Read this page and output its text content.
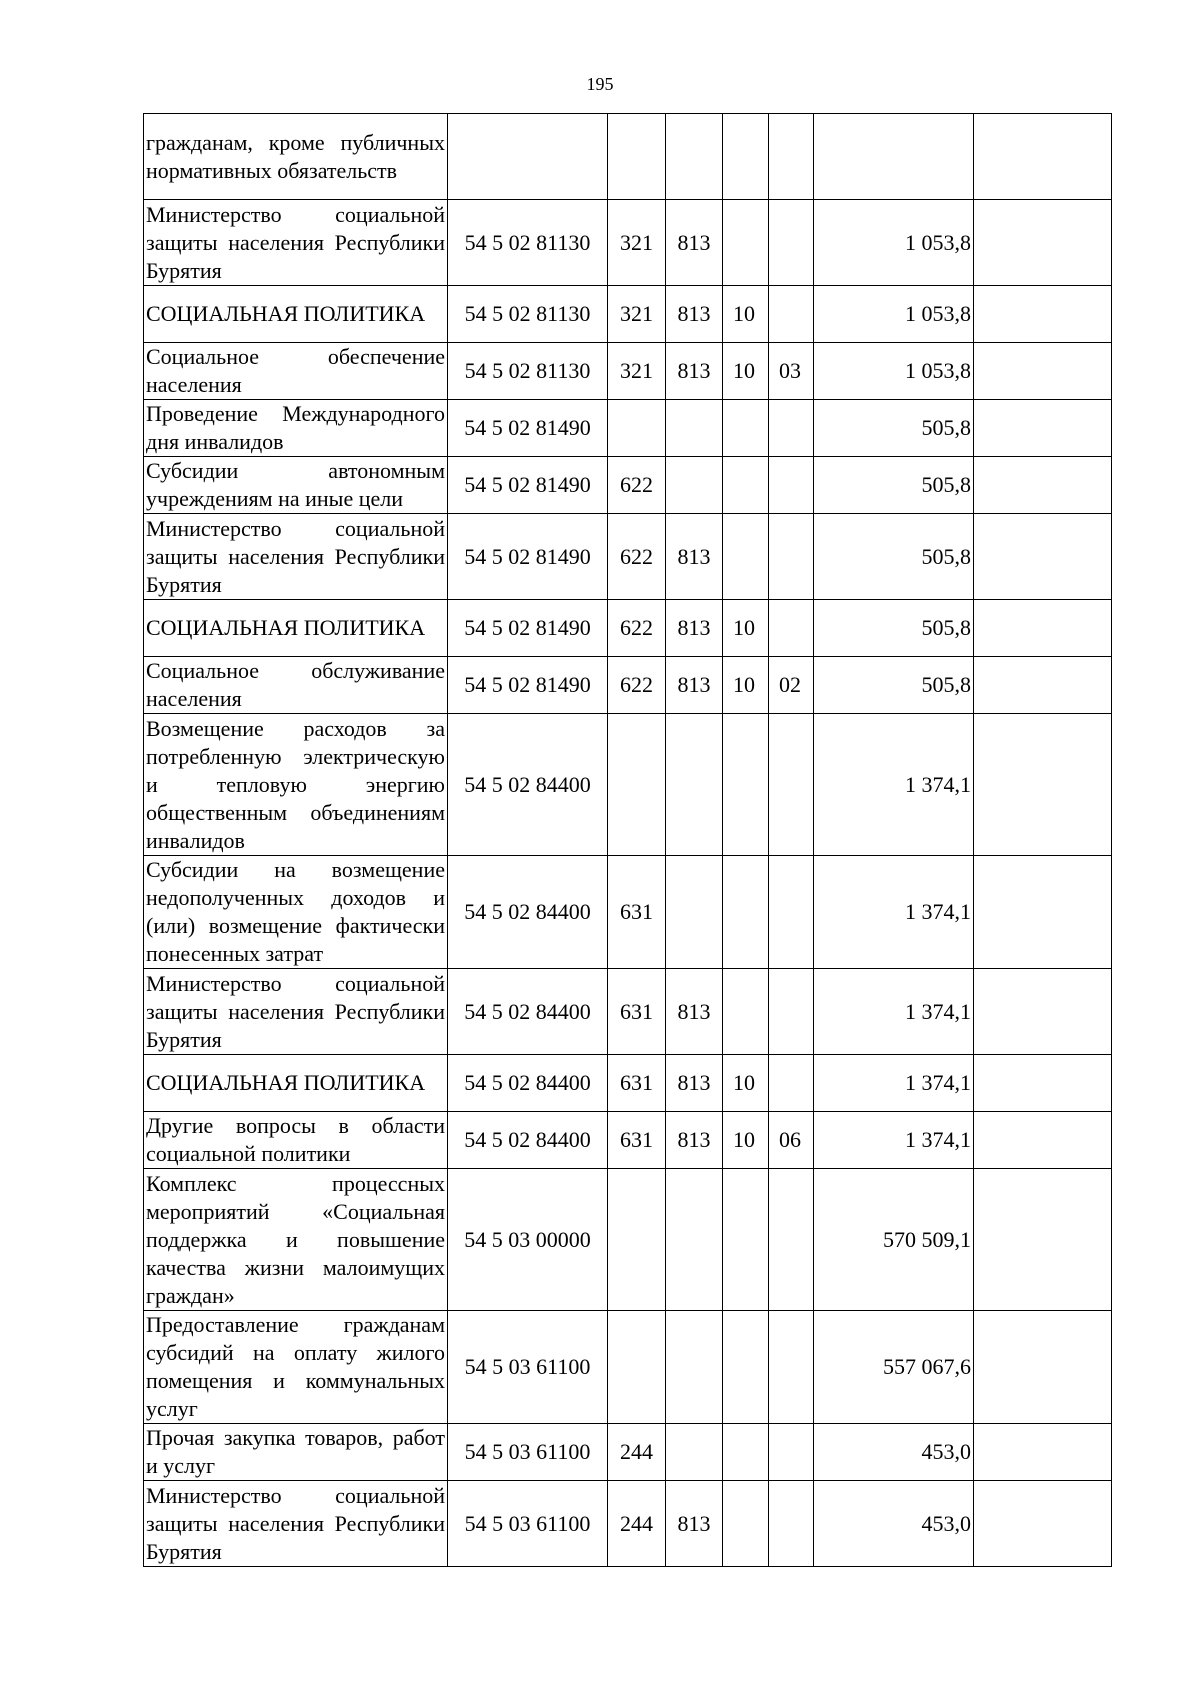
195
гражданам, кроме публичных нормативных обязательств							
Министерство социальной защиты населения Республики Бурятия	54 5 02 81130	321	813			1 053,8	
СОЦИАЛЬНАЯ ПОЛИТИКА	54 5 02 81130	321	813	10		1 053,8	
Социальное обеспечение населения	54 5 02 81130	321	813	10	03	1 053,8	
Проведение Международного дня инвалидов	54 5 02 81490					505,8	
Субсидии автономным учреждениям на иные цели	54 5 02 81490	622				505,8	
Министерство социальной защиты населения Республики Бурятия	54 5 02 81490	622	813			505,8	
СОЦИАЛЬНАЯ ПОЛИТИКА	54 5 02 81490	622	813	10		505,8	
Социальное обслуживание населения	54 5 02 81490	622	813	10	02	505,8	
Возмещение расходов за потребленную электрическую и тепловую энергию общественным объединениям инвалидов	54 5 02 84400					1 374,1	
Субсидии на возмещение недополученных доходов и (или) возмещение фактически понесенных затрат	54 5 02 84400	631				1 374,1	
Министерство социальной защиты населения Республики Бурятия	54 5 02 84400	631	813			1 374,1	
СОЦИАЛЬНАЯ ПОЛИТИКА	54 5 02 84400	631	813	10		1 374,1	
Другие вопросы в области социальной политики	54 5 02 84400	631	813	10	06	1 374,1	
Комплекс процессных мероприятий «Социальная поддержка и повышение качества жизни малоимущих граждан»	54 5 03 00000					570 509,1	
Предоставление гражданам субсидий на оплату жилого помещения и коммунальных услуг	54 5 03 61100					557 067,6	
Прочая закупка товаров, работ и услуг	54 5 03 61100	244				453,0	
Министерство социальной защиты населения Республики Бурятия	54 5 03 61100	244	813			453,0	
